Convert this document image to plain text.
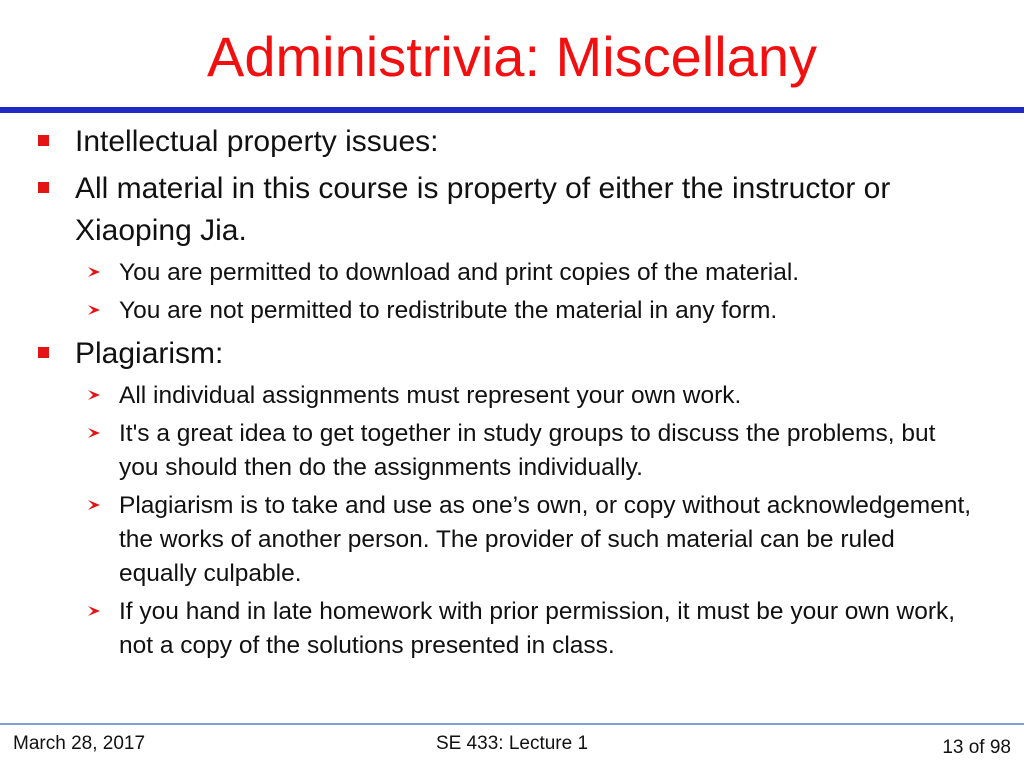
Administrivia: Miscellany
Intellectual property issues:
All material in this course is property of either the instructor or Xiaoping Jia.
You are permitted to download and print copies of the material.
You are not permitted to redistribute the material in any form.
Plagiarism:
All individual assignments must represent your own work.
It's a great idea to get together in study groups to discuss the problems, but you should then do the assignments individually.
Plagiarism is to take and use as one’s own, or copy without acknowledgement, the works of another person. The provider of such material can be ruled equally culpable.
If you hand in late homework with prior permission, it must be your own work, not a copy of the solutions presented in class.
March 28, 2017	SE 433: Lecture 1	13 of 98
